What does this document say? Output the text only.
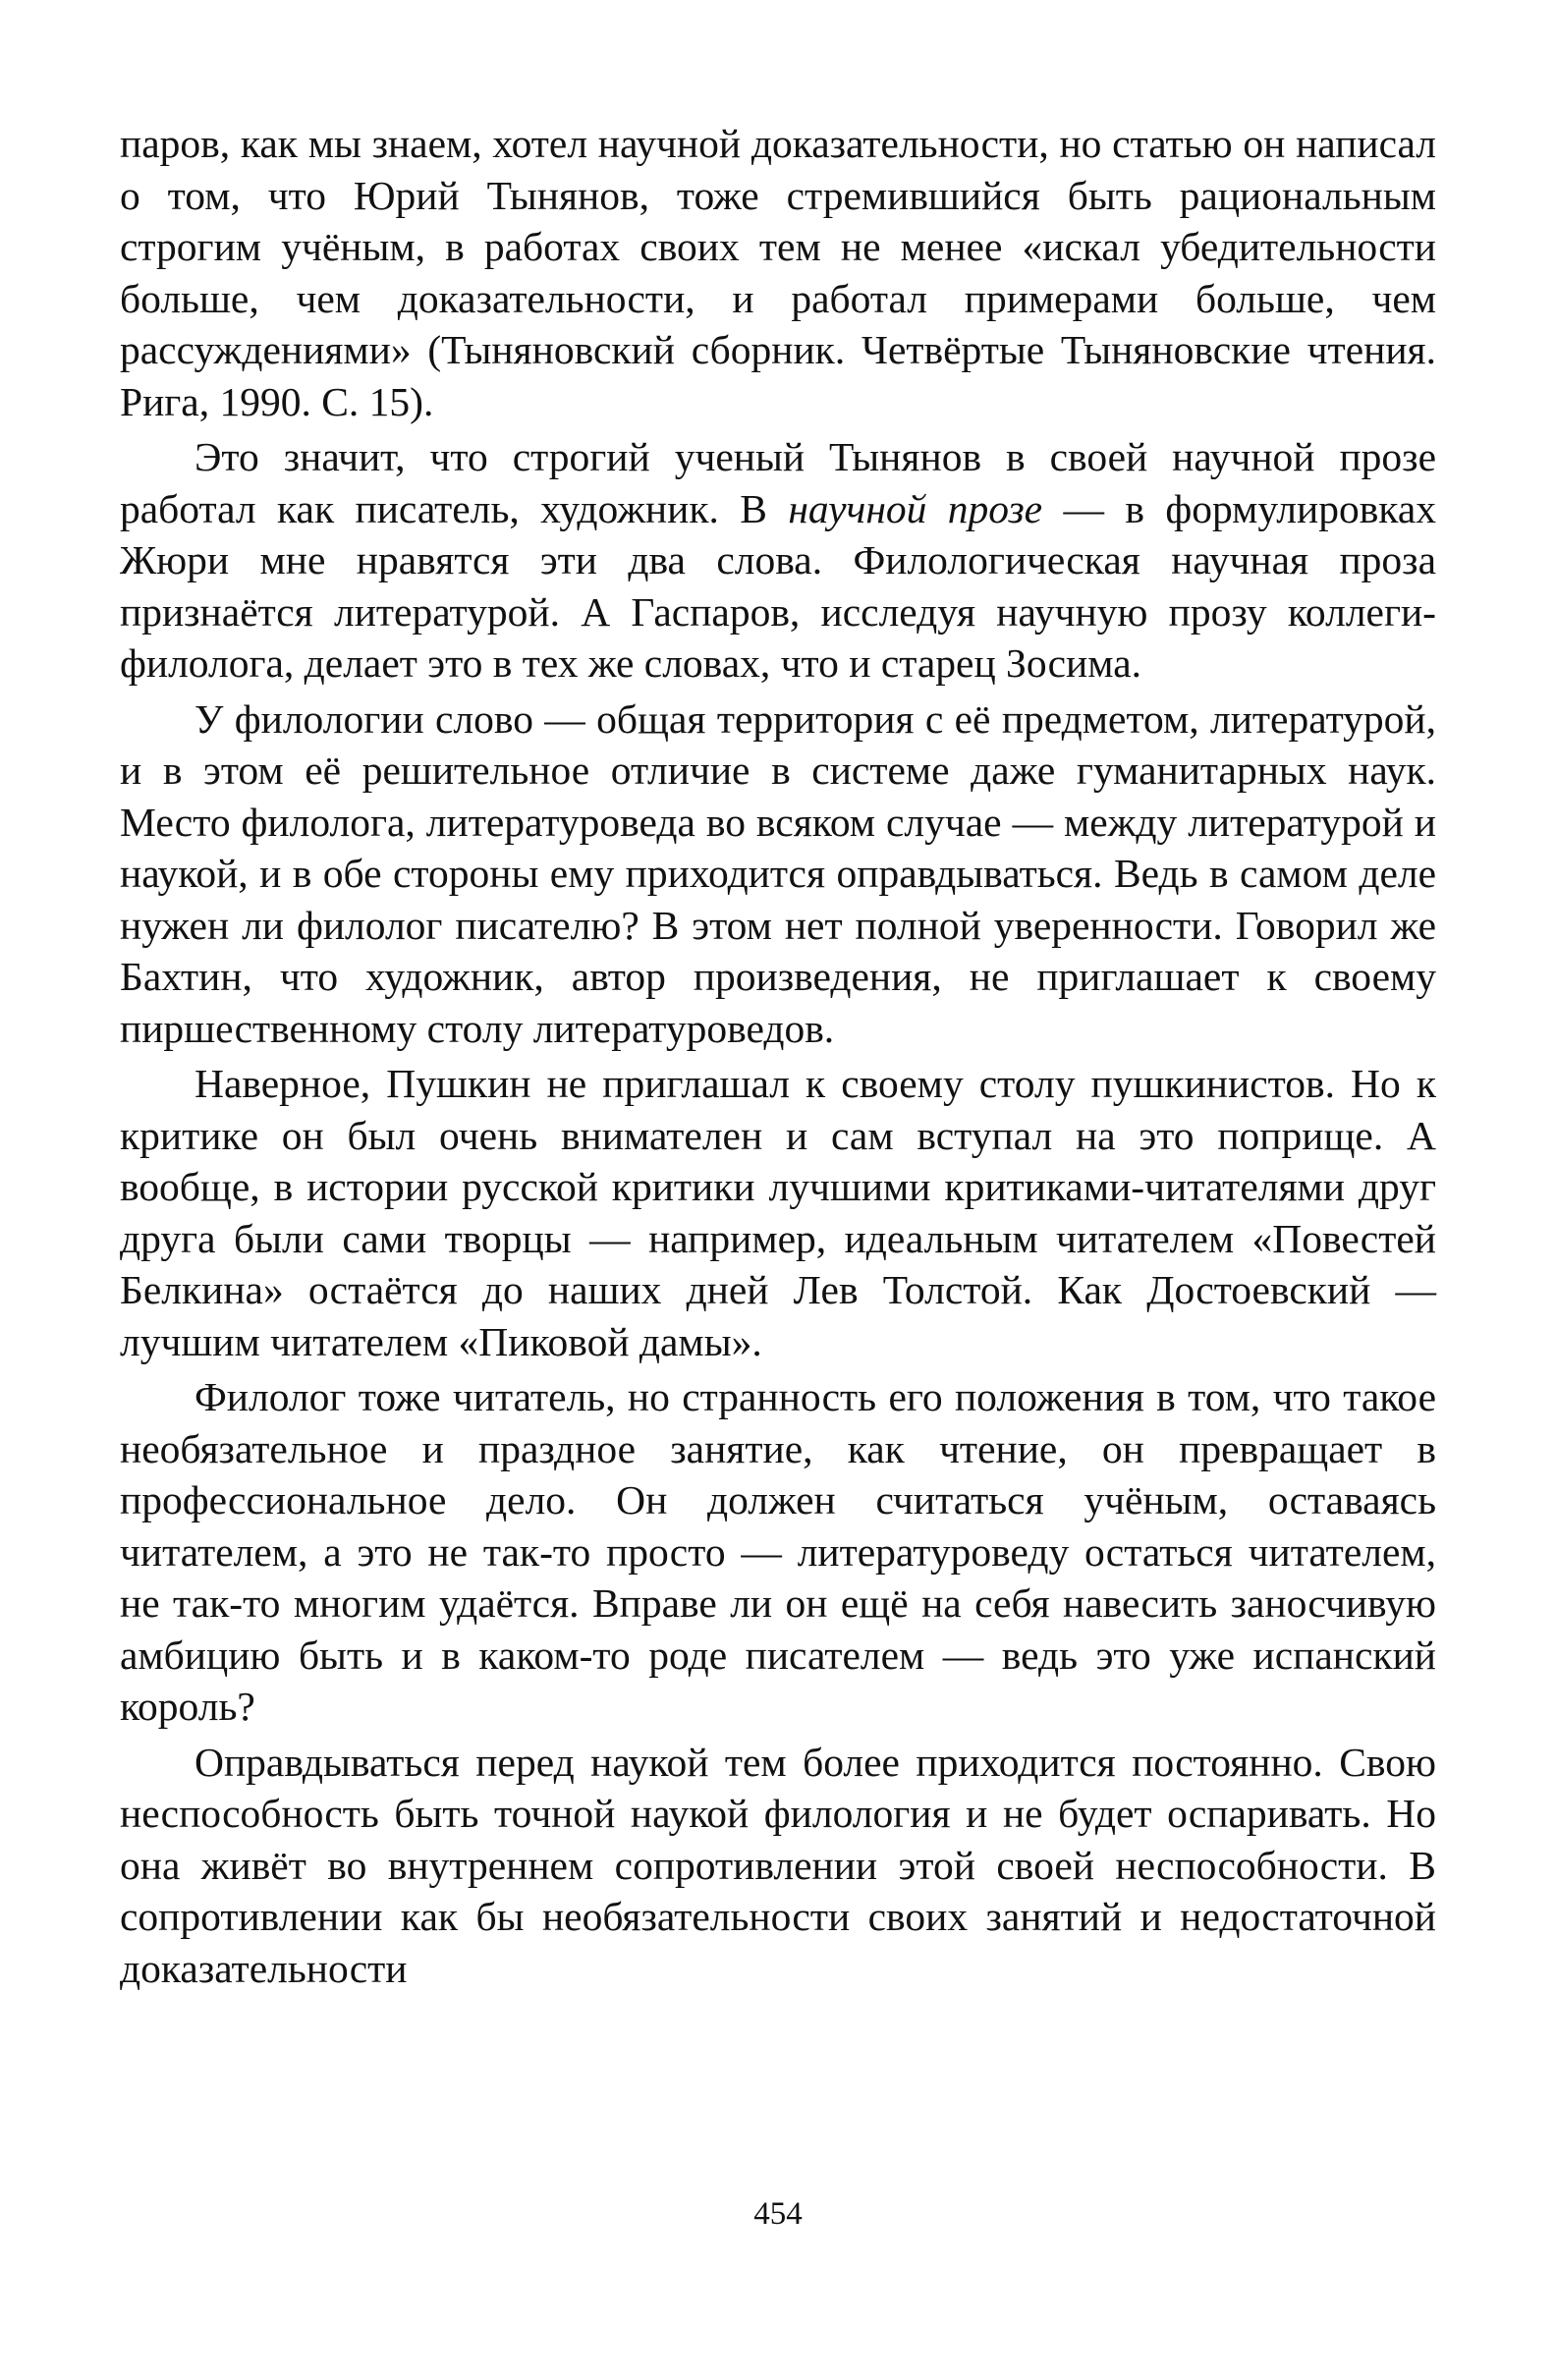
паров, как мы знаем, хотел научной доказательности, но статью он написал о том, что Юрий Тынянов, тоже стремившийся быть рациональным строгим учёным, в работах своих тем не менее «искал убедительности больше, чем доказательности, и работал примерами больше, чем рассуждениями» (Тыняновский сборник. Четвёртые Тыняновские чтения. Рига, 1990. С. 15).

Это значит, что строгий ученый Тынянов в своей научной прозе работал как писатель, художник. В научной прозе — в формулировках Жюри мне нравятся эти два слова. Филологическая научная проза признаётся литературой. А Гаспаров, исследуя научную прозу коллеги-филолога, делает это в тех же словах, что и старец Зосима.

У филологии слово — общая территория с её предметом, литературой, и в этом её решительное отличие в системе даже гуманитарных наук. Место филолога, литературоведа во всяком случае — между литературой и наукой, и в обе стороны ему приходится оправдываться. Ведь в самом деле нужен ли филолог писателю? В этом нет полной уверенности. Говорил же Бахтин, что художник, автор произведения, не приглашает к своему пиршественному столу литературоведов.

Наверное, Пушкин не приглашал к своему столу пушкинистов. Но к критике он был очень внимателен и сам вступал на это поприще. А вообще, в истории русской критики лучшими критиками-читателями друг друга были сами творцы — например, идеальным читателем «Повестей Белкина» остаётся до наших дней Лев Толстой. Как Достоевский — лучшим читателем «Пиковой дамы».

Филолог тоже читатель, но странность его положения в том, что такое необязательное и праздное занятие, как чтение, он превращает в профессиональное дело. Он должен считаться учёным, оставаясь читателем, а это не так-то просто — литературоведу остаться читателем, не так-то многим удаётся. Вправе ли он ещё на себя навесить заносчивую амбицию быть и в каком-то роде писателем — ведь это уже испанский король?

Оправдываться перед наукой тем более приходится постоянно. Свою неспособность быть точной наукой филология и не будет оспаривать. Но она живёт во внутреннем сопротивлении этой своей неспособности. В сопротивлении как бы необязательности своих занятий и недостаточной доказательности

454
